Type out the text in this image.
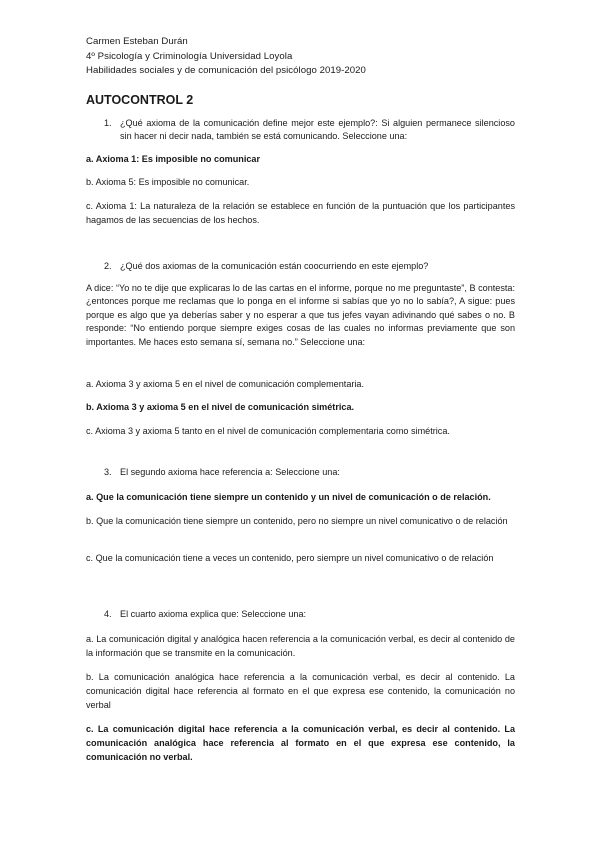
Carmen Esteban Durán
4º Psicología y Criminología Universidad Loyola
Habilidades sociales y de comunicación del psicólogo 2019-2020
AUTOCONTROL 2
1. ¿Qué axioma de la comunicación define mejor este ejemplo?: Si alguien permanece silencioso sin hacer ni decir nada, también se está comunicando. Seleccione una:
a. Axioma 1: Es imposible no comunicar
b. Axioma 5: Es imposible no comunicar.
c. Axioma 1: La naturaleza de la relación se establece en función de la puntuación que los participantes hagamos de las secuencias de los hechos.
2. ¿Qué dos axiomas de la comunicación están coocurriendo en este ejemplo?
A dice: “Yo no te dije que explicaras lo de las cartas en el informe, porque no me preguntaste”, B contesta: ¿entonces porque me reclamas que lo ponga en el informe si sabías que yo no lo sabía?, A sigue: pues porque es algo que ya deberías saber y no esperar a que tus jefes vayan adivinando qué sabes o no. B responde: “No entiendo porque siempre exiges cosas de las cuales no informas previamente que son importantes. Me haces esto semana sí, semana no.” Seleccione una:
a. Axioma 3 y axioma 5 en el nivel de comunicación complementaria.
b. Axioma 3 y axioma 5 en el nivel de comunicación simétrica.
c. Axioma 3 y axioma 5 tanto en el nivel de comunicación complementaria como simétrica.
3. El segundo axioma hace referencia a: Seleccione una:
a. Que la comunicación tiene siempre un contenido y un nivel de comunicación o de relación.
b. Que la comunicación tiene siempre un contenido, pero no siempre un nivel comunicativo o de relación
c. Que la comunicación tiene a veces un contenido, pero siempre un nivel comunicativo o de relación
4. El cuarto axioma explica que: Seleccione una:
a. La comunicación digital y analógica hacen referencia a la comunicación verbal, es decir al contenido de la información que se transmite en la comunicación.
b. La comunicación analógica hace referencia a la comunicación verbal, es decir al contenido. La comunicación digital hace referencia al formato en el que expresa ese contenido, la comunicación no verbal
c. La comunicación digital hace referencia a la comunicación verbal, es decir al contenido. La comunicación analógica hace referencia al formato en el que expresa ese contenido, la comunicación no verbal.
